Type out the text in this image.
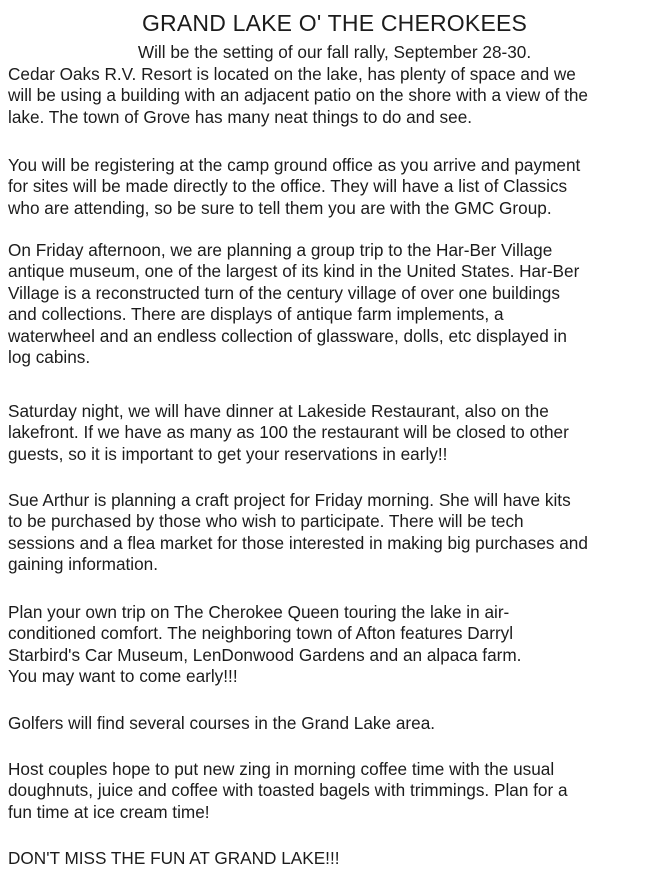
GRAND LAKE O' THE CHEROKEES

Will be the setting of our fall rally, September 28-30.

Cedar Oaks R.V. Resort is located on the lake, has plenty of space and we
will be using a building with an adjacent patio on the shore with a view of the
lake. The town of Grove has many neat things to do and see.

You will be registering at the camp ground office as you arrive and payment
for sites will be made directly to the office. They will have a list of Classics
who are attending, so be sure to tell them you are with the GMC Group.

On Friday afternoon, we are planning a group trip to the Har-Ber Village
antique museum, one of the largest of its kind in the United States. Har-Ber
Village is a reconstructed turn of the century village of over one buildings
and collections. There are displays of antique farm implements, a
waterwheel and an endless collection of glassware, dolls, etc displayed in
log cabins.

Saturday night, we will have dinner at Lakeside Restaurant, also on the
lakefront. If we have as many as 100 the restaurant will be closed to other
guests, so it is important to get your reservations in early!!

Sue Arthur is planning a craft project for Friday morning. She will have kits
to be purchased by those who wish to participate. There will be tech
sessions and a flea market for those interested in making big purchases and
gaining information.

Plan your own trip on The Cherokee Queen touring the lake in air-
conditioned comfort. The neighboring town of Afton features Darryl
Starbird's Car Museum, LenDonwood Gardens and an alpaca farm.
You may want to come early!!!

Golfers will find several courses in the Grand Lake area.

Host couples hope to put new zing in morning coffee time with the usual
doughnuts, juice and coffee with toasted bagels with trimmings. Plan for a
fun time at ice cream time!

DON'T MISS THE FUN AT GRAND LAKE!!!
